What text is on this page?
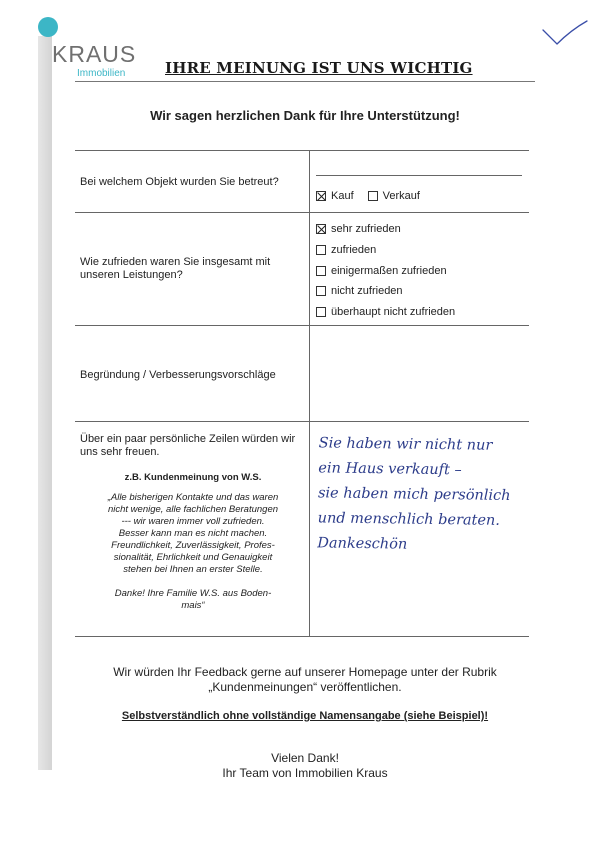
KRAUS
Immobilien	IHRE MEINUNG IST UNS WICHTIG
Wir sagen herzlichen Dank für Ihre Unterstützung!
Bei welchem Objekt wurden Sie betreut?
Kauf	Verkauf
Wie zufrieden waren Sie insgesamt mit unseren Leistungen?
sehr zufrieden
zufrieden
einigermaßen zufrieden
nicht zufrieden
überhaupt nicht zufrieden
Begründung / Verbesserungsvorschläge
Über ein paar persönliche Zeilen würden wir uns sehr freuen.
z.B. Kundenmeinung von W.S.
„Alle bisherigen Kontakte und das waren
nicht wenige, alle fachlichen Beratungen
--- wir waren immer voll zufrieden.
Besser kann man es nicht machen.
Freundlichkeit, Zuverlässigkeit, Profes-
sionalität, Ehrlichkeit und Genauigkeit
stehen bei Ihnen an erster Stelle.
Danke! Ihre Familie W.S. aus Boden-
mais“
Sie haben wir nicht nur
ein Haus verkauft –
sie haben mich persönlich
und menschlich beraten.
Dankeschön
Wir würden Ihr Feedback gerne auf unserer Homepage unter der Rubrik
„Kundenmeinungen“ veröffentlichen.
Selbstverständlich ohne vollständige Namensangabe (siehe Beispiel)!
Vielen Dank!
Ihr Team von Immobilien Kraus
